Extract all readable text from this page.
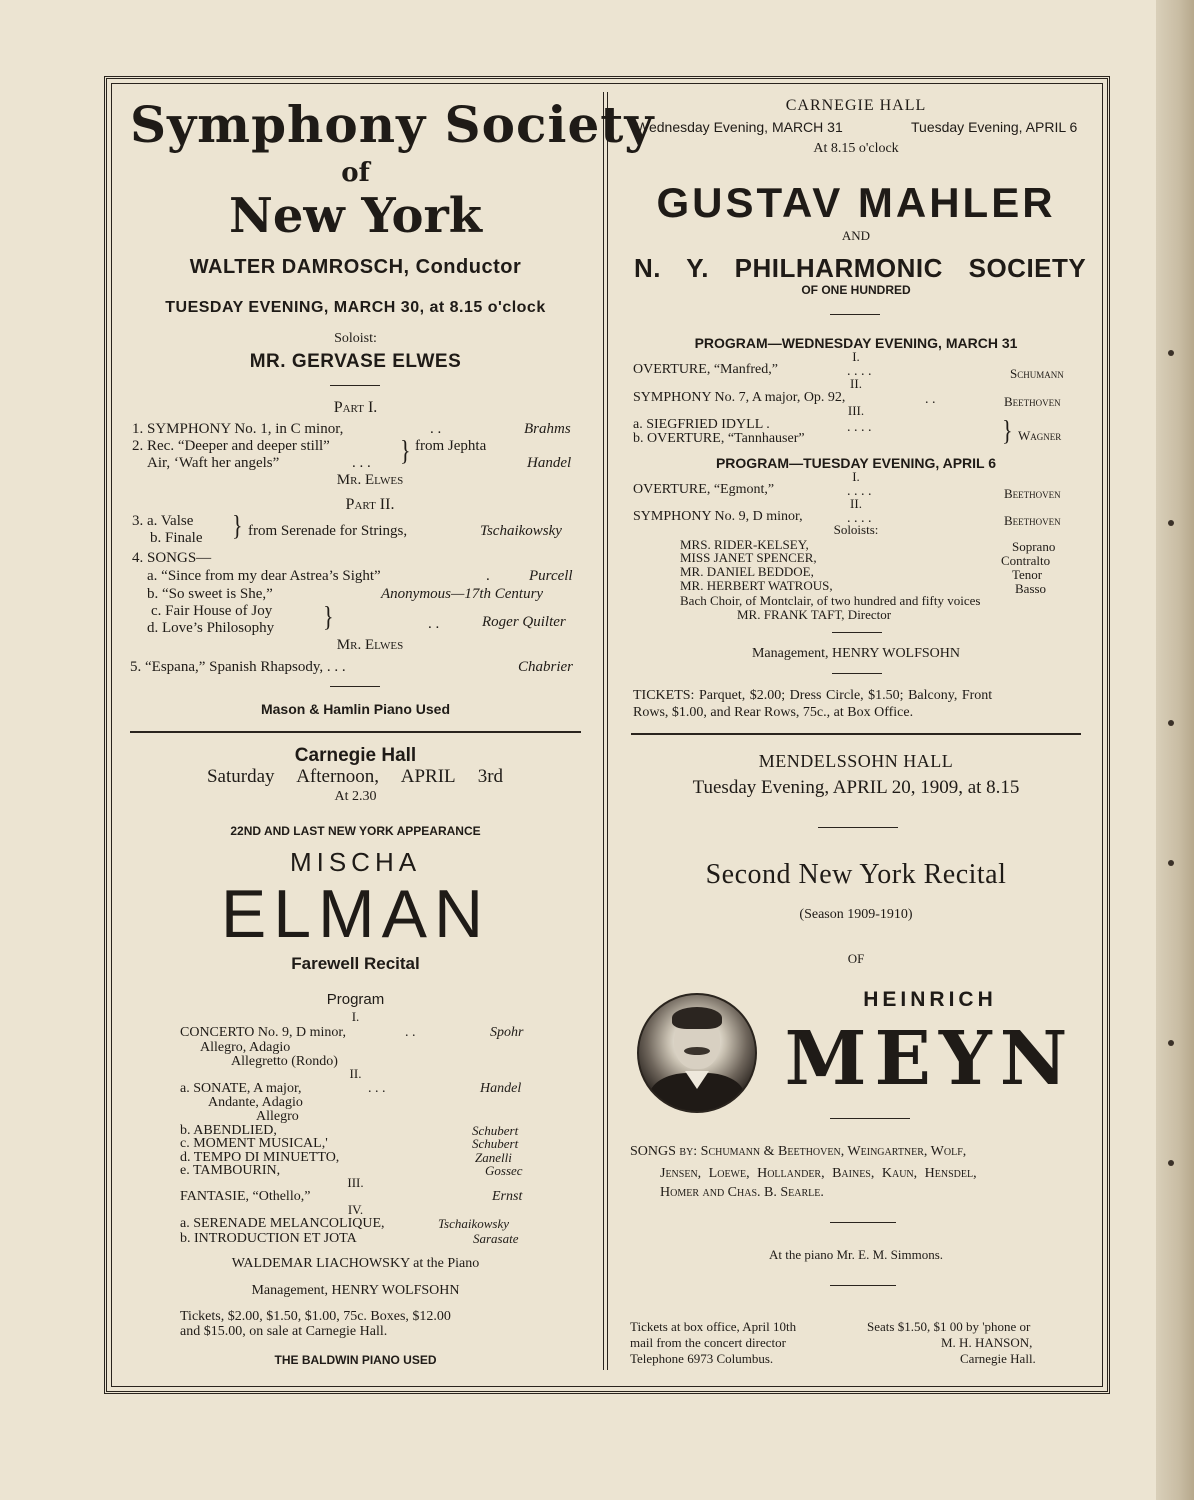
Symphony Society
of
New York
WALTER DAMROSCH, Conductor
TUESDAY EVENING, MARCH 30, at 8.15 o'clock
Soloist:
MR. GERVASE ELWES
Part I.
1. SYMPHONY No. 1, in C minor,	. .	Brahms
2. Rec. “Deeper and deeper still”	} from Jephta
Air, ‘Waft her angels”	. . .	Handel
Mr. Elwes
Part II.
3. a. Valse
b. Finale } from Serenade for Strings,	Tschaikowsky
4. SONGS—
a. “Since from my dear Astrea’s Sight”	.	Purcell
b. “So sweet is She,”	Anonymous—17th Century
c. Fair House of Joy
d. Love’s Philosophy }	. .	Roger Quilter
Mr. Elwes
5. “Espana,” Spanish Rhapsody, . . .	Chabrier
Mason & Hamlin Piano Used
Carnegie Hall
Saturday Afternoon, APRIL 3rd
At 2.30
22ND AND LAST NEW YORK APPEARANCE
MISCHA
ELMAN
Farewell Recital
Program
I.
CONCERTO No. 9, D minor,	. .	Spohr
Allegro, Adagio
Allegretto (Rondo)
II.
a. SONATE, A major,	. . .	Handel
Andante, Adagio
Allegro
b. ABENDLIED,	Schubert
c. MOMENT MUSICAL,'	Schubert
d. TEMPO DI MINUETTO,	Zanelli
e. TAMBOURIN,	Gossec
III.
FANTASIE, “Othello,”	Ernst
IV.
a. SERENADE MELANCOLIQUE,	Tschaikowsky
b. INTRODUCTION ET JOTA	Sarasate
WALDEMAR LIACHOWSKY at the Piano
Management, HENRY WOLFSOHN
Tickets, $2.00, $1.50, $1.00, 75c. Boxes, $12.00
and $15.00, on sale at Carnegie Hall.
THE BALDWIN PIANO USED
CARNEGIE HALL
Wednesday Evening, MARCH 31	Tuesday Evening, APRIL 6
At 8.15 o'clock
GUSTAV MAHLER
AND
N. Y. PHILHARMONIC SOCIETY
OF ONE HUNDRED
PROGRAM—WEDNESDAY EVENING, MARCH 31
I.
OVERTURE, “Manfred,”	. . . .	Schumann
II.
SYMPHONY No. 7, A major, Op. 92,	. .	Beethoven
III.
a. SIEGFRIED IDYLL .
b. OVERTURE, “Tannhauser”
. . . .	} Wagner
PROGRAM—TUESDAY EVENING, APRIL 6
I.
OVERTURE, “Egmont,”	. . . .	Beethoven
II.
SYMPHONY No. 9, D minor,	. . . .	Beethoven
Soloists:
MRS. RIDER-KELSEY,	Soprano
MISS JANET SPENCER,	Contralto
MR. DANIEL BEDDOE,	Tenor
MR. HERBERT WATROUS,	Basso
Bach Choir, of Montclair, of two hundred and fifty voices
MR. FRANK TAFT, Director
Management, HENRY WOLFSOHN
TICKETS: Parquet, $2.00; Dress Circle, $1.50; Balcony, Front
Rows, $1.00, and Rear Rows, 75c., at Box Office.
MENDELSSOHN HALL
Tuesday Evening, APRIL 20, 1909, at 8.15
Second New York Recital
(Season 1909-1910)
OF
HEINRICH
MEYN
SONGS by: Schumann & Beethoven, Weingartner, Wolf,
Jensen, Loewe, Hollander, Baines, Kaun, Hensdel,
Homer and Chas. B. Searle.
At the piano Mr. E. M. Simmons.
Tickets at box office, April 10th	Seats $1.50, $1 00 by 'phone or
mail from the concert director	M. H. HANSON,
Telephone 6973 Columbus.	Carnegie Hall.
